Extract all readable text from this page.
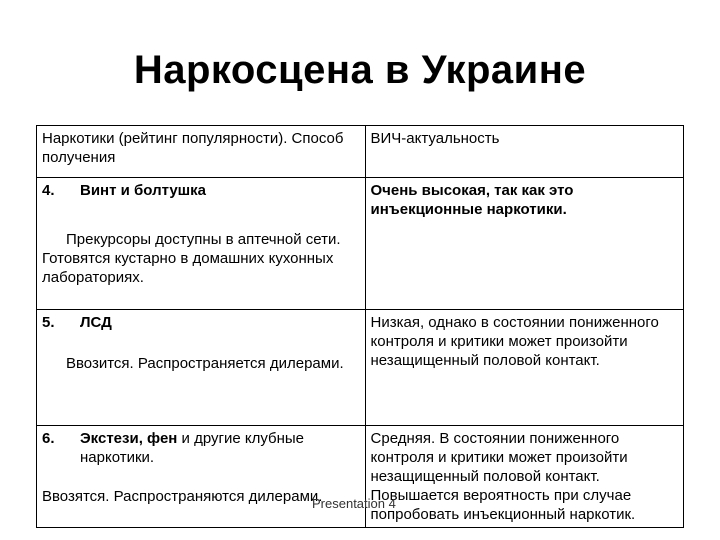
Наркосцена в Украине
Наркотики (рейтинг популярности). Способ получения	ВИЧ-актуальность

4. Винт и болтушка
Прекурсоры доступны в аптечной сети. Готовятся кустарно в домашних кухонных лабораториях.	Очень высокая, так как это инъекционные наркотики.

5. ЛСД
Ввозится. Распространяется дилерами.	Низкая, однако в состоянии пониженного контроля и критики может произойти незащищенный половой контакт.

6. Экстези, фен и другие клубные наркотики.
Ввозятся. Распространяются дилерами.	Средняя. В состоянии пониженного контроля и критики может произойти незащищенный половой контакт. Повышается вероятность при случае попробовать инъекционный наркотик.
Presentation 4
